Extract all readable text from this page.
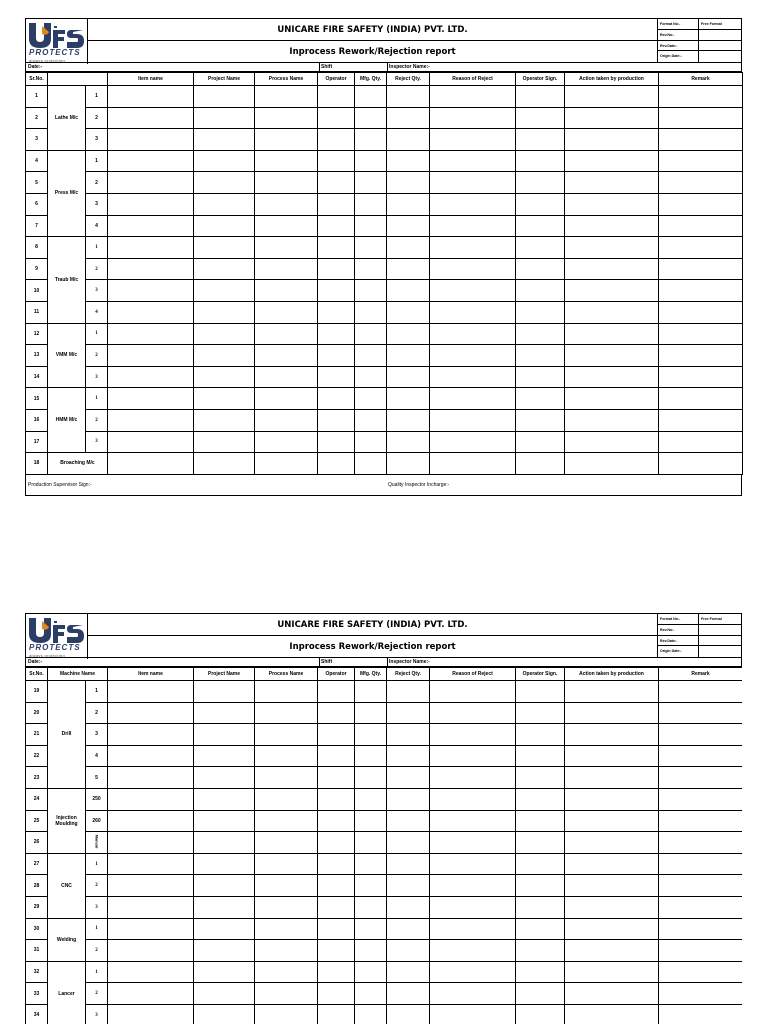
PROTECTS
always protecting
UNICARE FIRE SAFETY (INDIA) PVT. LTD.
Inprocess Rework/Rejection report
Format No:-	Free Format
Rev.No:-
Rev.Date:-
Origin Date:-
Date:-	Shift	Inspector Name:-
Sr.No.			Item name	Project Name	Process Name	Operator	Mfg. Qty.	Reject Qty.	Reason of Reject	Operator Sign.	Action taken by production	Remark
1	Lathe M/c	1										
2		2										
3		3										
4	Press M/c	1										
5		2										
6		3										
7		4										
8	Traub M/c	1										
9		2										
10		3										
11		4										
12	VMM M/c	1										
13		2										
14		3										
15	HMM M/c	1										
16		2										
17		3										
18	Broaching M/c											
Production Supervisor Sign:-	Quality Inspector Incharge:-
PROTECTS
always protecting
UNICARE FIRE SAFETY (INDIA) PVT. LTD.
Inprocess Rework/Rejection report
Format No:-	Free Format
Rev.No:-
Rev.Date:-
Origin Date:-
Date:-	Shift	Inspector Name:-
Sr.No.	Machine Name		Item name	Project Name	Process Name	Operator	Mfg. Qty.	Reject Qty.	Reason of Reject	Operator Sign.	Action taken by production	Remark
19	Drill	1										
20		2										
21		3										
22		4										
23		5										
24	Injection Moulding	250										
25		260										
26		Manual										
27	CNC	1										
28		2										
29		3										
30	Welding	1										
31		2										
32	Lancer	1										
33		2										
34		3										
